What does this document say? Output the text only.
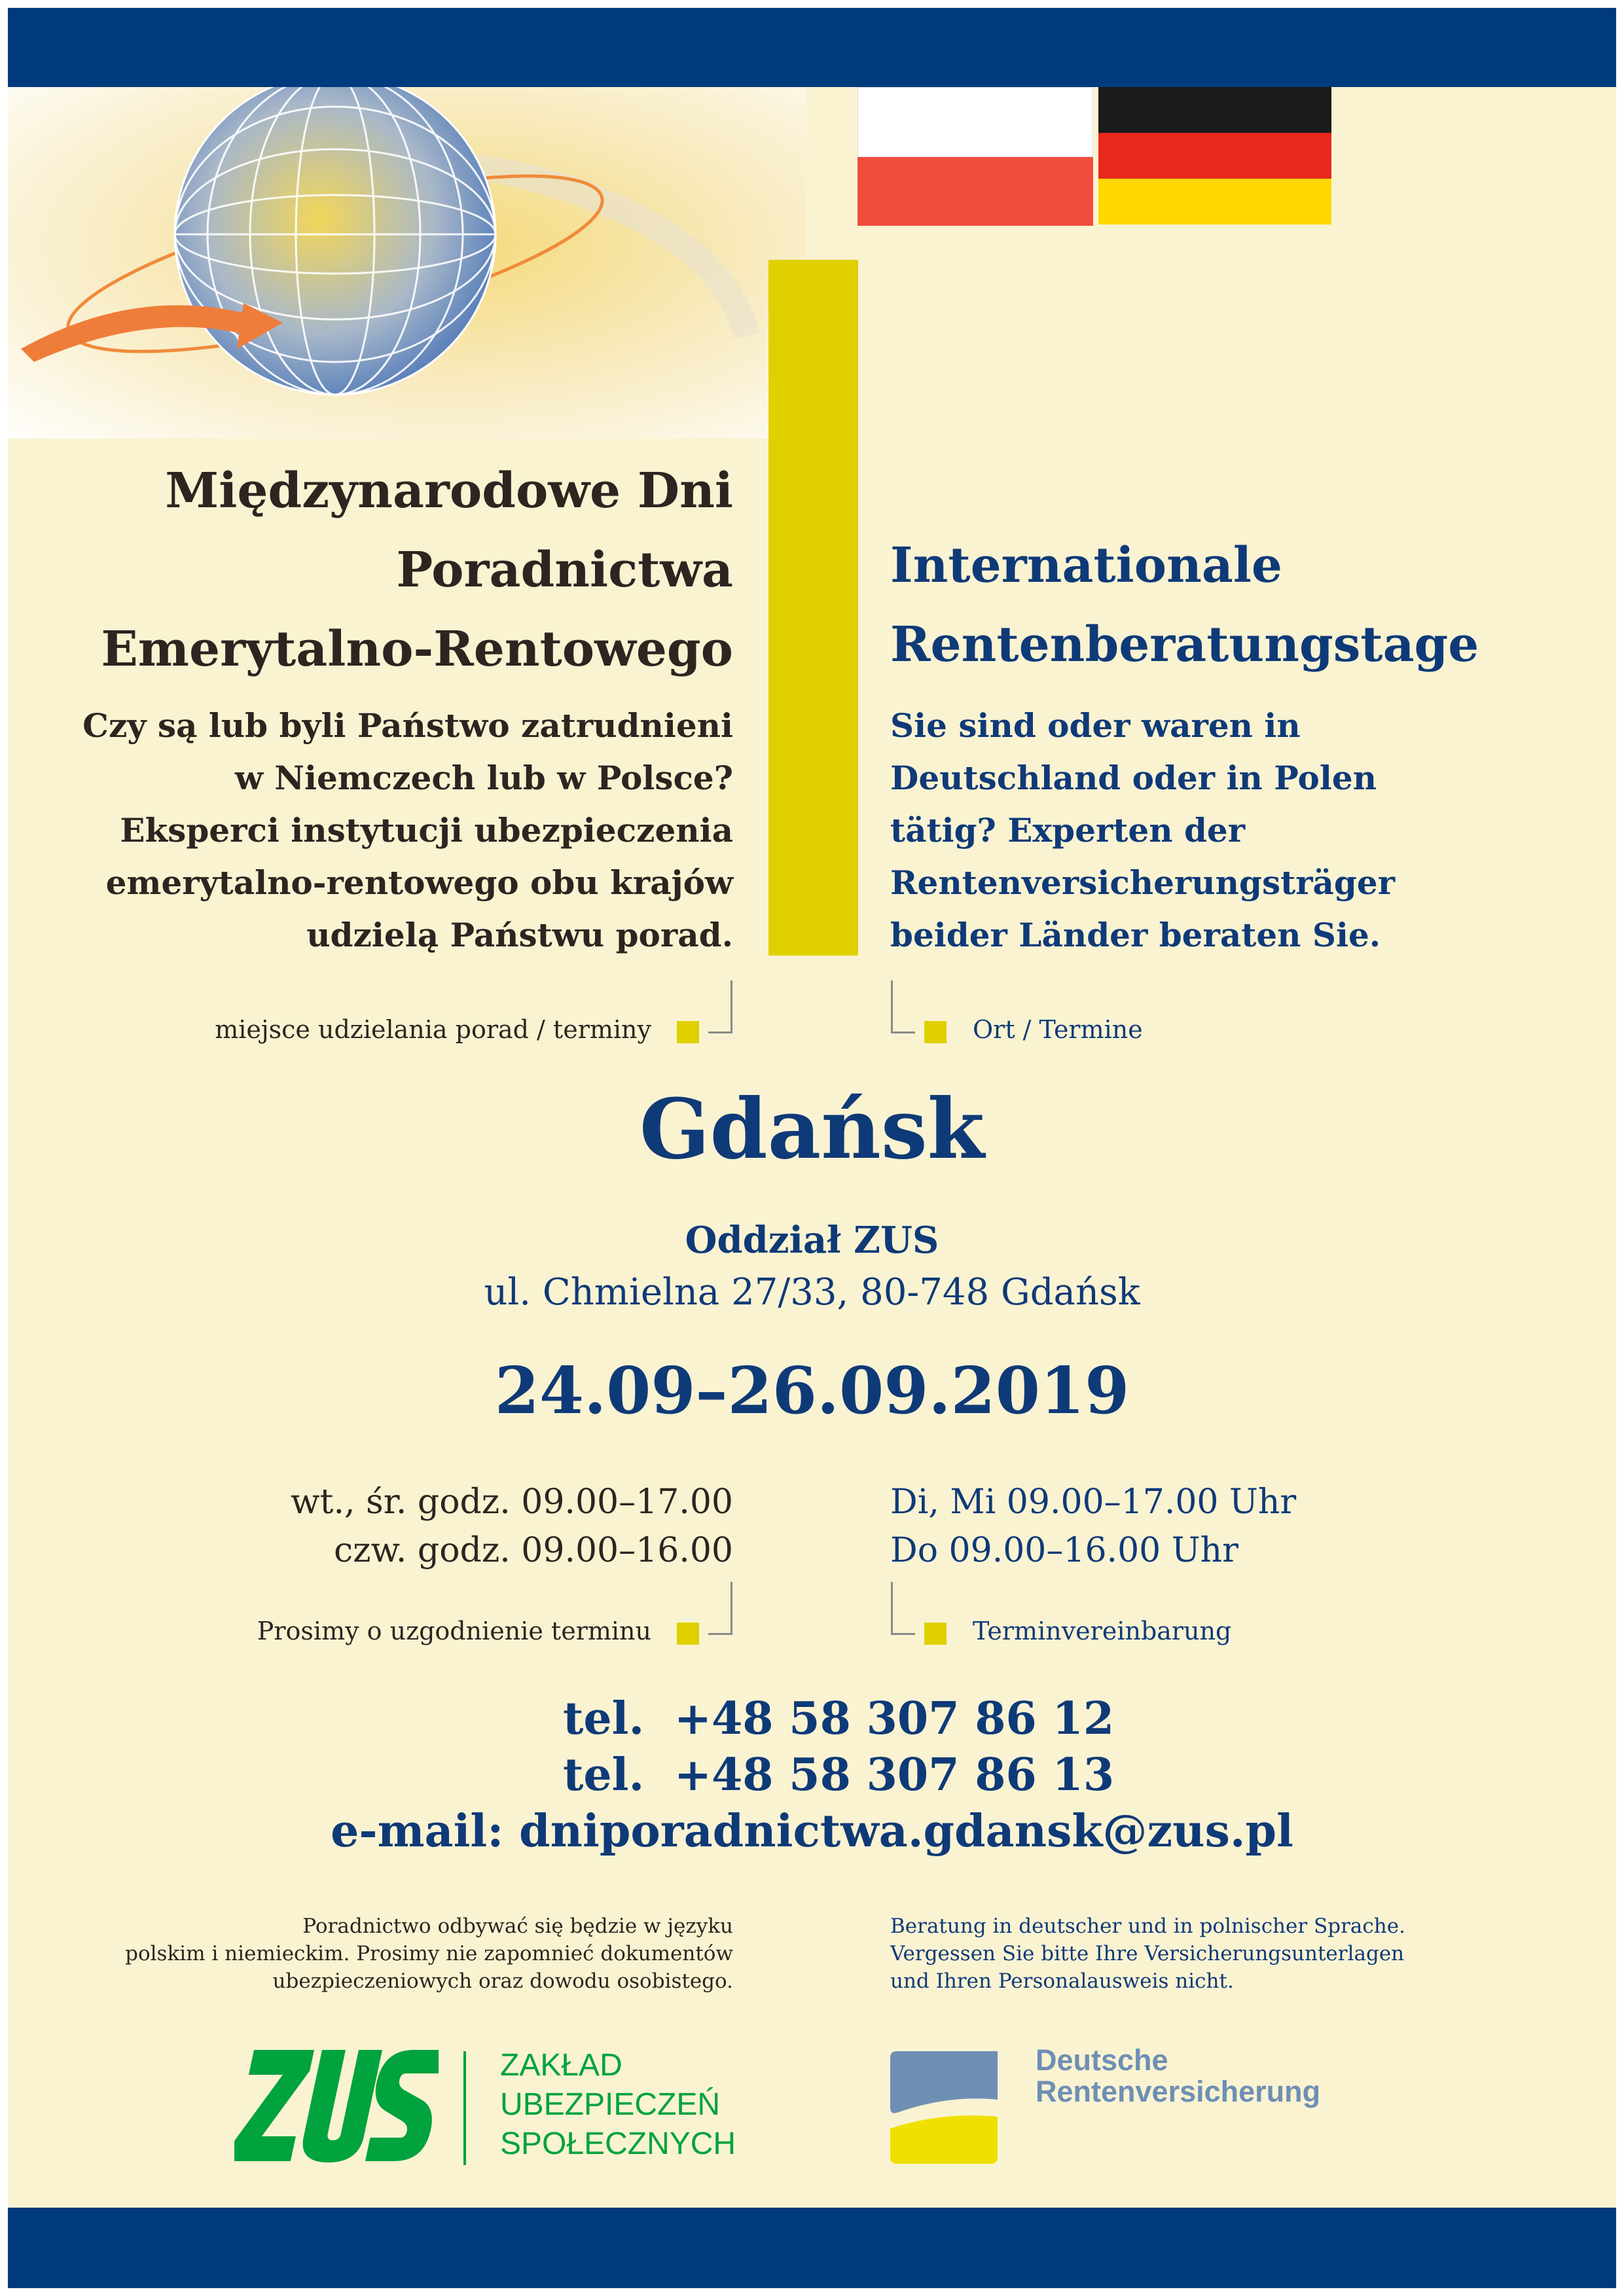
Międzynarodowe Dni
Poradnictwa
Emerytalno-Rentowego
Internationale
Rentenberatungstage
Czy są lub byli Państwo zatrudnieni
w Niemczech lub w Polsce?
Eksperci instytucji ubezpieczenia
emerytalno-rentowego obu krajów
udzielą Państwu porad.
Sie sind oder waren in
Deutschland oder in Polen
tätig? Experten der
Rentenversicherungsträger
beider Länder beraten Sie.
miejsce udzielania porad / terminy	Ort / Termine
Gdańsk
Oddział ZUS
ul. Chmielna 27/33, 80-748 Gdańsk
24.09–26.09.2019
wt., śr. godz. 09.00–17.00
czw. godz. 09.00–16.00
Di, Mi 09.00–17.00 Uhr
Do 09.00–16.00 Uhr
Prosimy o uzgodnienie terminu	Terminvereinbarung
tel. +48 58 307 86 12
tel. +48 58 307 86 13
e-mail: dniporadnictwa.gdansk@zus.pl
Poradnictwo odbywać się będzie w języku
polskim i niemieckim. Prosimy nie zapomnieć dokumentów
ubezpieczeniowych oraz dowodu osobistego.
Beratung in deutscher und in polnischer Sprache.
Vergessen Sie bitte Ihre Versicherungsunterlagen
und Ihren Personalausweis nicht.
ZAKŁAD
UBEZPIECZEŃ
SPOŁECZNYCH
Deutsche
Rentenversicherung
